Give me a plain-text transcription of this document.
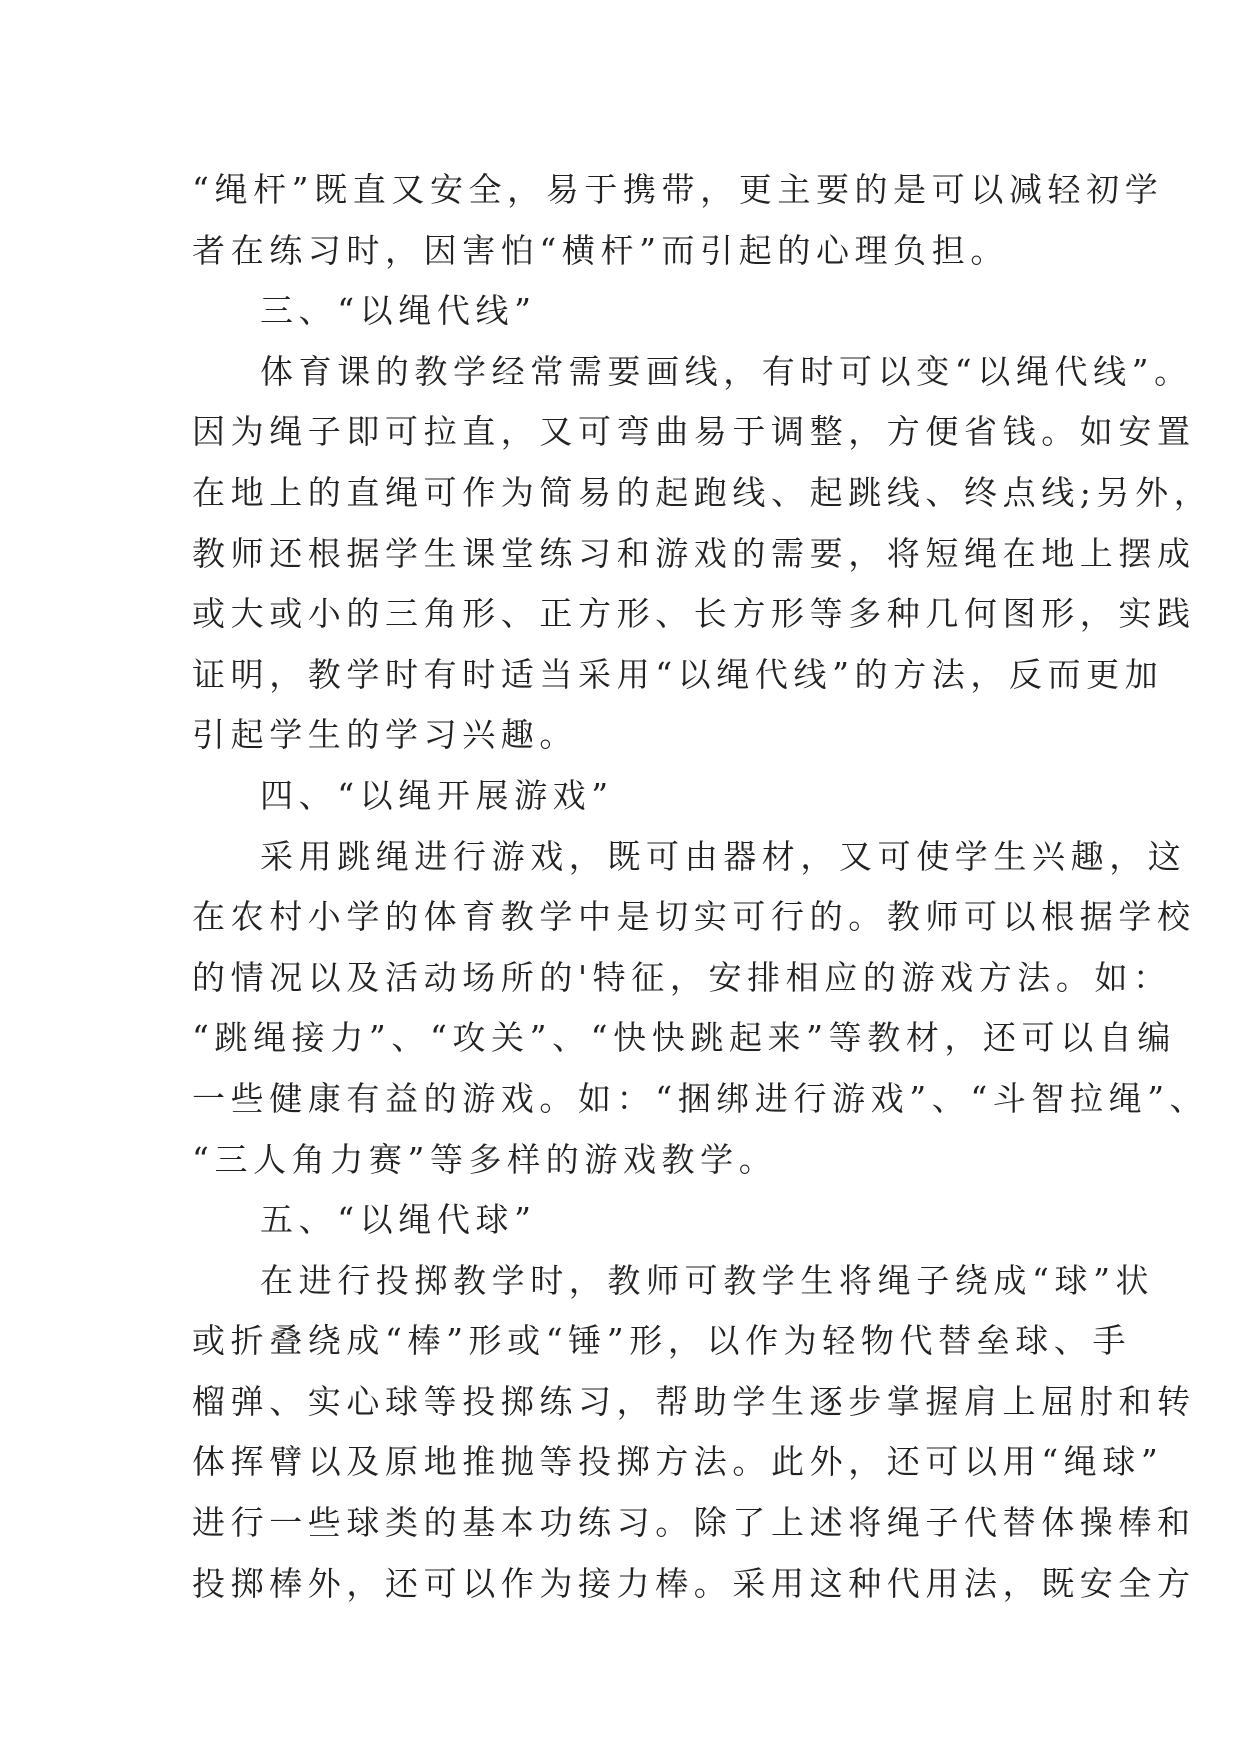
“绳杆”既直又安全，易于携带，更主要的是可以减轻初学
者在练习时，因害怕“横杆”而引起的心理负担。
三、“以绳代线”
体育课的教学经常需要画线，有时可以变“以绳代线”。
因为绳子即可拉直，又可弯曲易于调整，方便省钱。如安置
在地上的直绳可作为简易的起跑线、起跳线、终点线;另外，
教师还根据学生课堂练习和游戏的需要，将短绳在地上摆成
或大或小的三角形、正方形、长方形等多种几何图形，实践
证明，教学时有时适当采用“以绳代线”的方法，反而更加
引起学生的学习兴趣。
四、“以绳开展游戏”
采用跳绳进行游戏，既可由器材，又可使学生兴趣，这
在农村小学的体育教学中是切实可行的。教师可以根据学校
的情况以及活动场所的'特征，安排相应的游戏方法。如：
“跳绳接力”、“攻关”、“快快跳起来”等教材，还可以自编
一些健康有益的游戏。如：“捆绑进行游戏”、“斗智拉绳”、
“三人角力赛”等多样的游戏教学。
五、“以绳代球”
在进行投掷教学时，教师可教学生将绳子绕成“球”状
或折叠绕成“棒”形或“锤”形，以作为轻物代替垒球、手
榴弹、实心球等投掷练习，帮助学生逐步掌握肩上屈肘和转
体挥臂以及原地推抛等投掷方法。此外，还可以用“绳球”
进行一些球类的基本功练习。除了上述将绳子代替体操棒和
投掷棒外，还可以作为接力棒。采用这种代用法，既安全方
